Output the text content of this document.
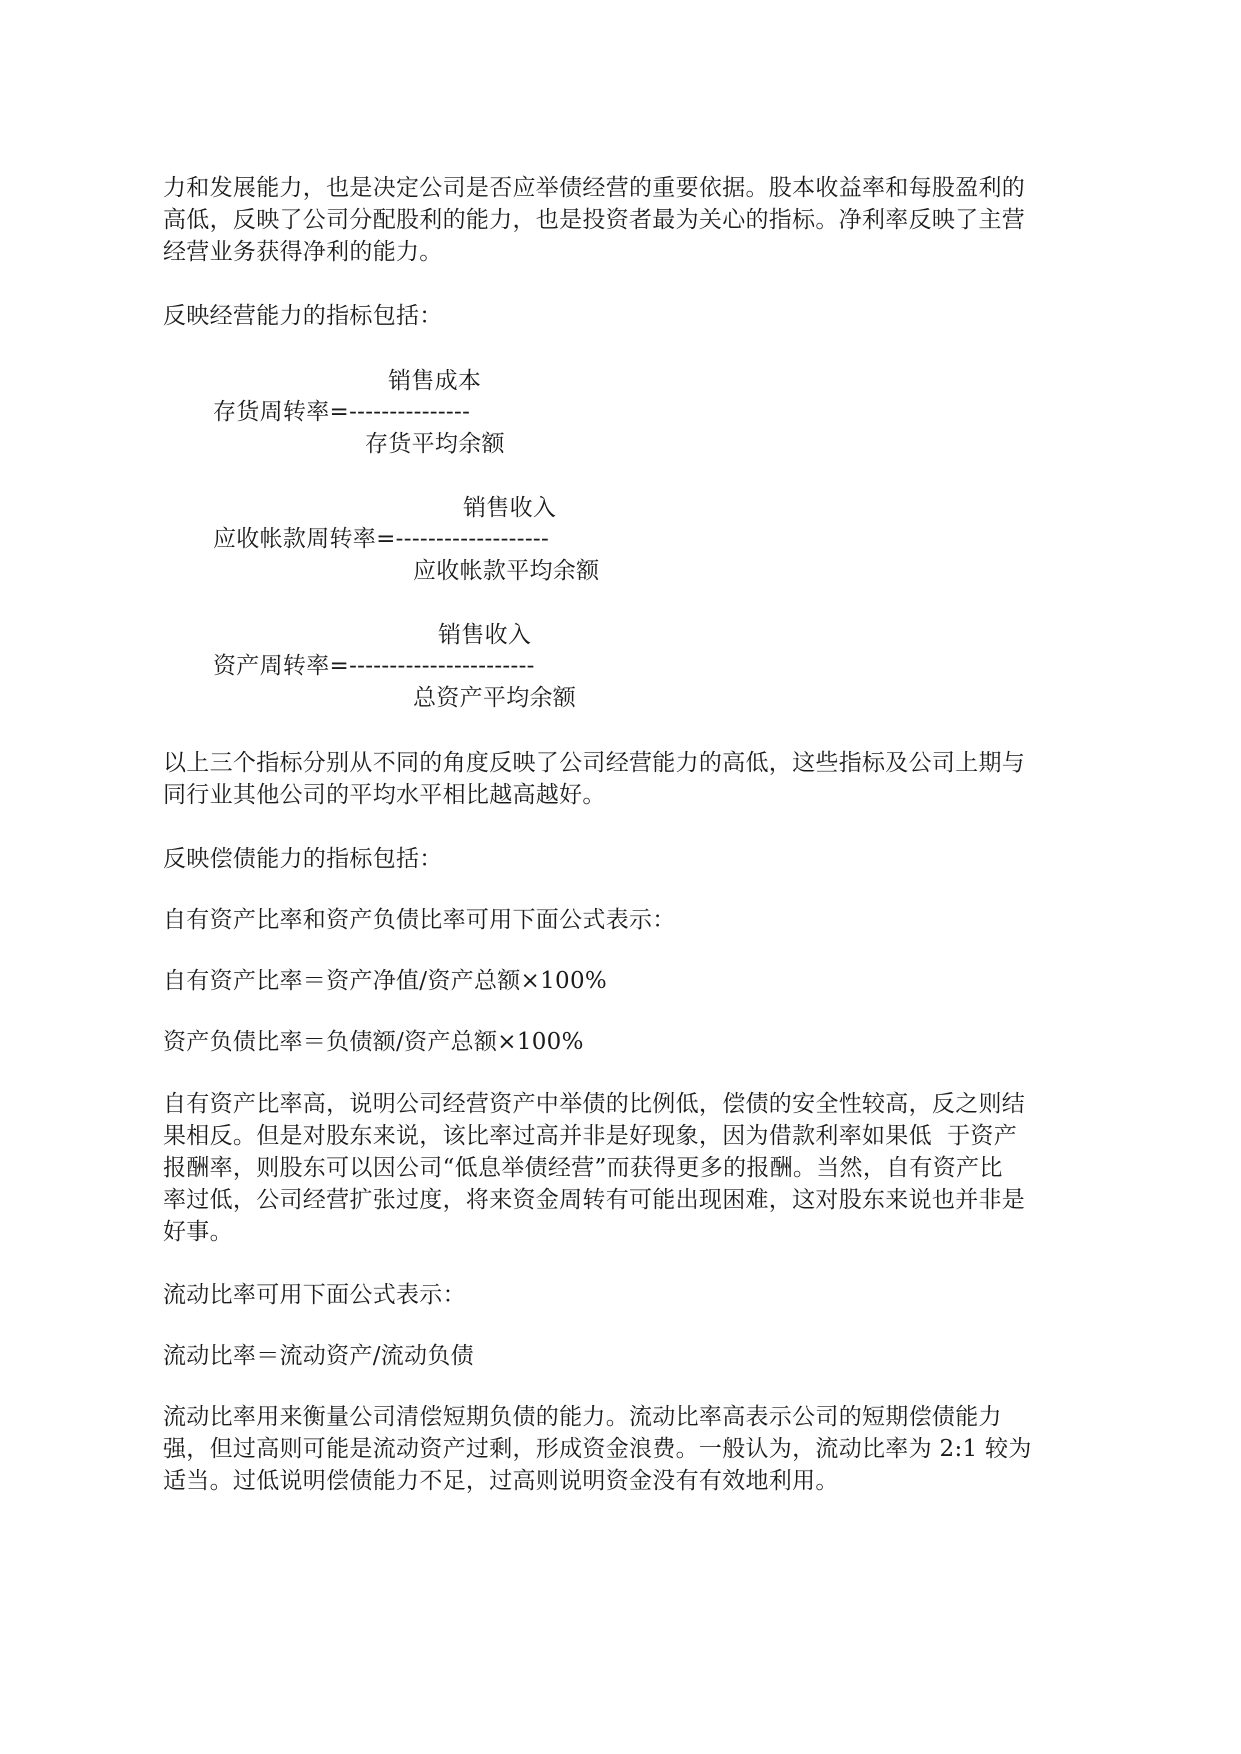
力和发展能力，也是决定公司是否应举债经营的重要依据。股本收益率和每股盈利的
高低，反映了公司分配股利的能力，也是投资者最为关心的指标。净利率反映了主营
经营业务获得净利的能力。
反映经营能力的指标包括：
销售成本
存货周转率=---------------
存货平均余额
销售收入
应收帐款周转率=-------------------
应收帐款平均余额
销售收入
资产周转率=-----------------------
总资产平均余额
以上三个指标分别从不同的角度反映了公司经营能力的高低，这些指标及公司上期与
同行业其他公司的平均水平相比越高越好。
反映偿债能力的指标包括：
自有资产比率和资产负债比率可用下面公式表示：
自有资产比率＝资产净值/资产总额×100%
资产负债比率＝负债额/资产总额×100%
自有资产比率高，说明公司经营资产中举债的比例低，偿债的安全性较高，反之则结
果相反。但是对股东来说，该比率过高并非是好现象，因为借款利率如果低  于资产
报酬率，则股东可以因公司“低息举债经营”而获得更多的报酬。当然，自有资产比
率过低，公司经营扩张过度，将来资金周转有可能出现困难，这对股东来说也并非是
好事。
流动比率可用下面公式表示：
流动比率＝流动资产/流动负债
流动比率用来衡量公司清偿短期负债的能力。流动比率高表示公司的短期偿债能力
强，但过高则可能是流动资产过剩，形成资金浪费。一般认为，流动比率为 2:1 较为
适当。过低说明偿债能力不足，过高则说明资金没有有效地利用。
